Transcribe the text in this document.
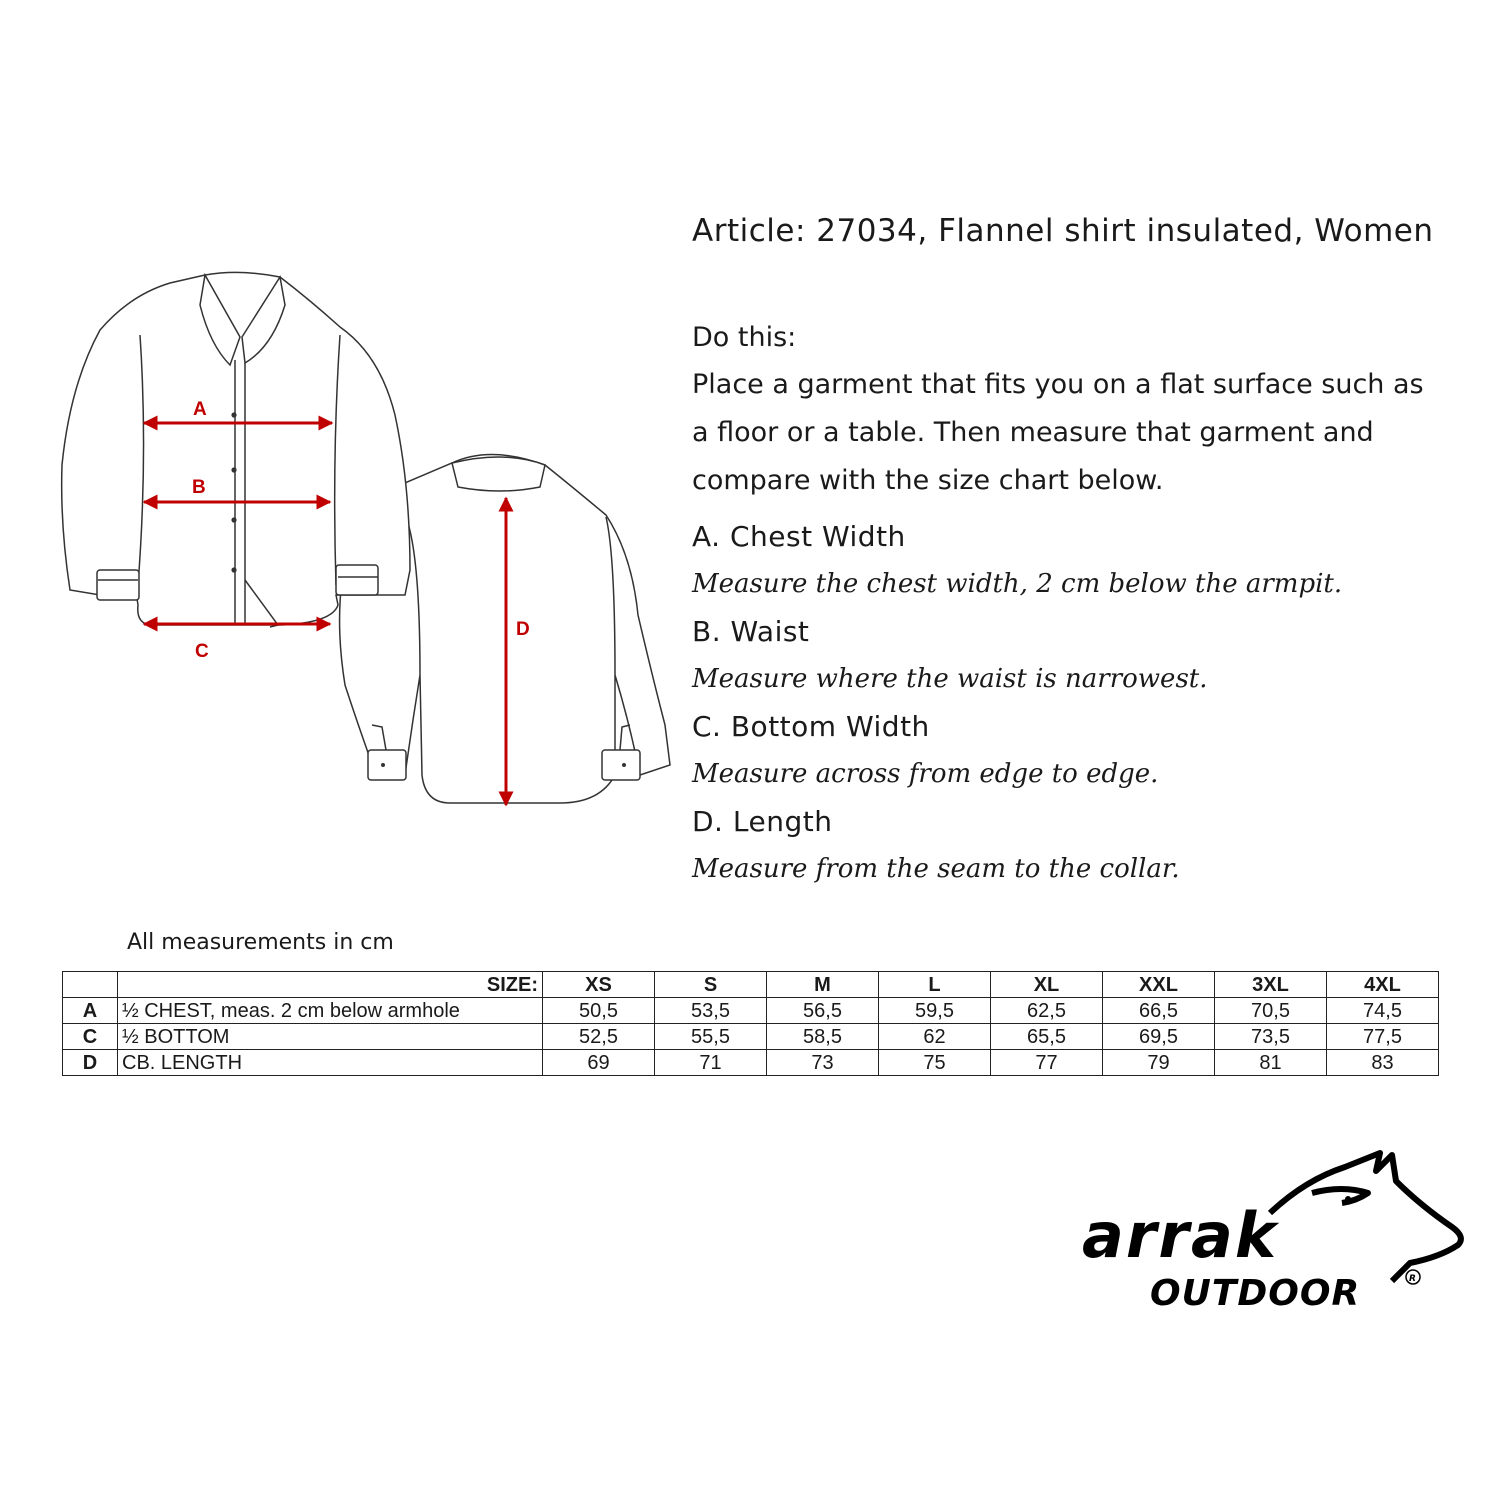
A
B
C
D

Article: 27034, Flannel shirt insulated, Women

Do this:

Place a garment that fits you on a flat surface such as a floor or a table. Then measure that garment and compare with the size chart below.

A. Chest Width

Measure the chest width, 2 cm below the armpit.

B. Waist

Measure where the waist is narrowest.

C. Bottom Width

Measure across from edge to edge.

D. Length

Measure from the seam to the collar.

All measurements in cm

	SIZE:	XS	S	M	L	XL	XXL	3XL	4XL
A	½ CHEST, meas. 2 cm below armhole	50,5	53,5	56,5	59,5	62,5	66,5	70,5	74,5
C	½ BOTTOM	52,5	55,5	58,5	62	65,5	69,5	73,5	77,5
D	CB. LENGTH	69	71	73	75	77	79	81	83
arrak
OUTDOOR	R
